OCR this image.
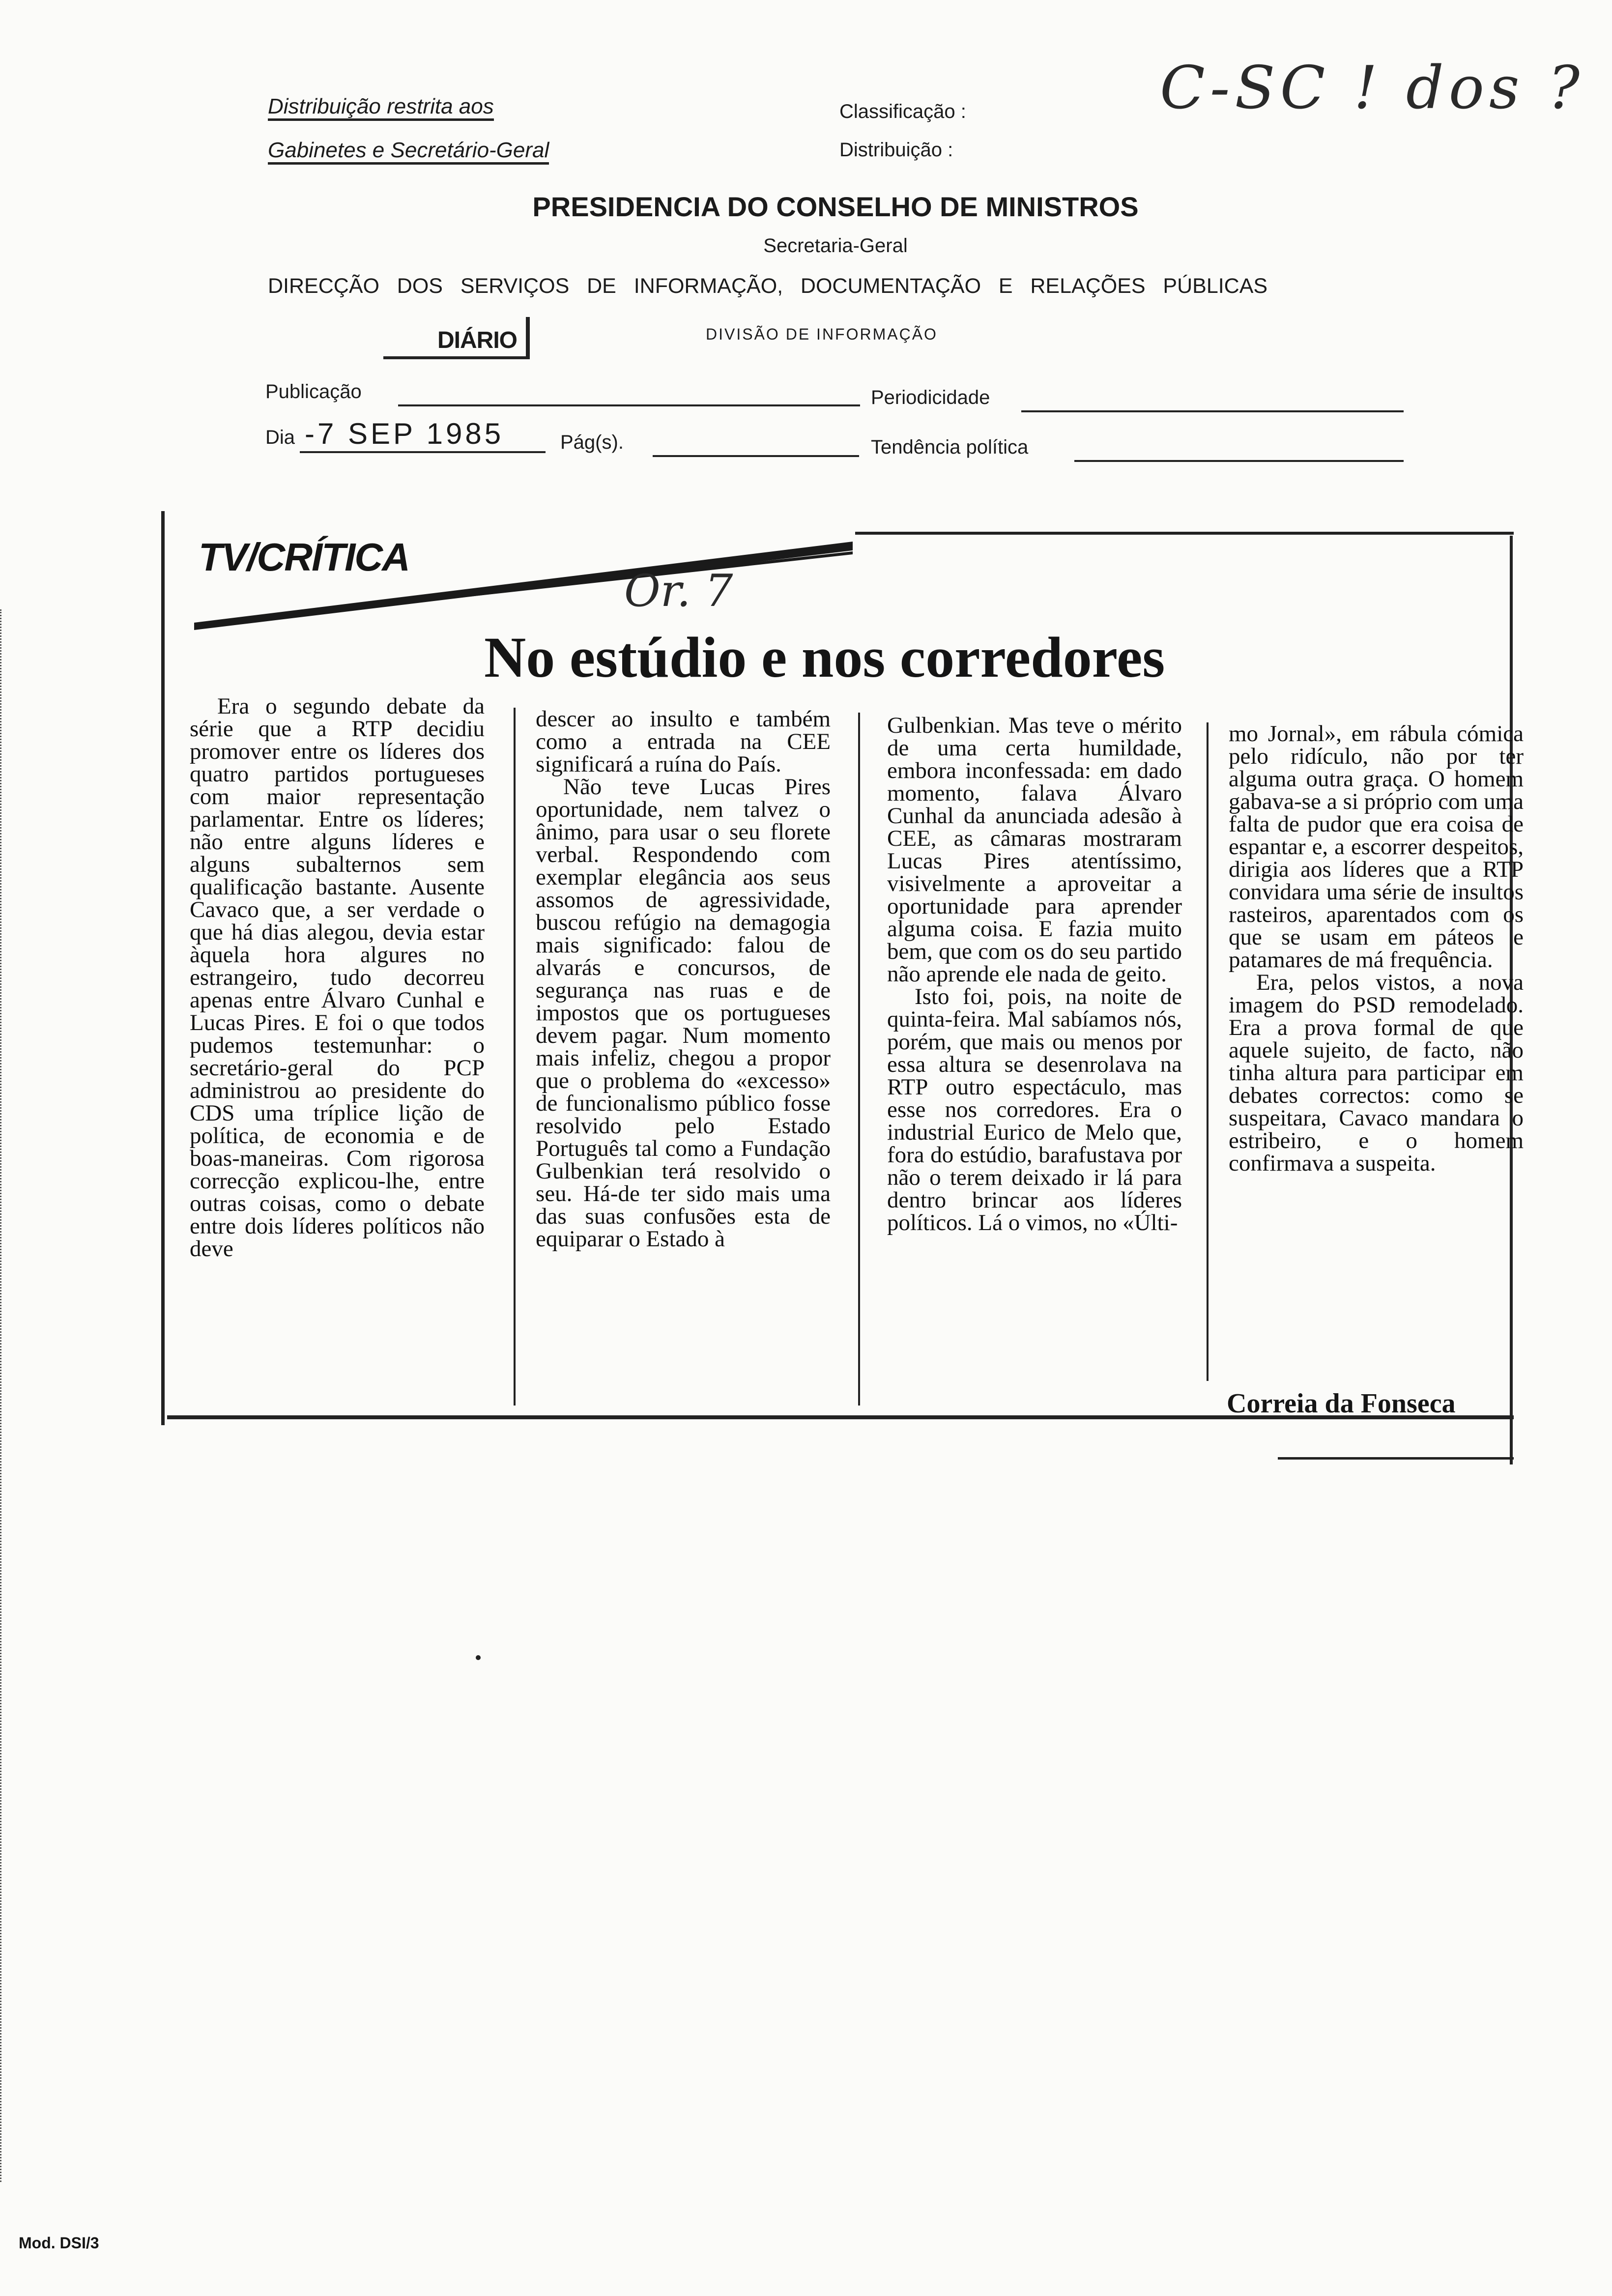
Distribuição restrita aos
Gabinetes e Secretário-Geral
Classificação :
Distribuição :
C-SC ! dos ?
PRESIDENCIA DO CONSELHO DE MINISTROS
Secretaria-Geral
DIRECÇÃO   DOS   SERVIÇOS   DE   INFORMAÇÃO,   DOCUMENTAÇÃO   E   RELAÇÕES   PÚBLICAS
DIÁRIO	DIVISÃO DE INFORMAÇÃO
Publicação	Periodicidade
Dia -7 SEP 1985	Pág(s).	Tendência política
TV/CRÍTICA
Or. 7
No estúdio e nos corredores

Era o segundo debate da série que a RTP decidiu promover entre os líderes dos quatro partidos portugueses com maior representação parlamentar. Entre os líderes; não entre alguns líderes e alguns subalternos sem qualificação bastante. Ausente Cavaco que, a ser verdade o que há dias alegou, devia estar àquela hora algures no estrangeiro, tudo decorreu apenas entre Álvaro Cunhal e Lucas Pires. E foi o que todos pudemos testemunhar: o secretário-geral do PCP administrou ao presidente do CDS uma tríplice lição de política, de economia e de boas-maneiras. Com rigorosa correcção explicou-lhe, entre outras coisas, como o debate entre dois líderes políticos não deve

descer ao insulto e também como a entrada na CEE significará a ruína do País.

Não teve Lucas Pires oportunidade, nem talvez o ânimo, para usar o seu florete verbal. Respondendo com exemplar elegância aos seus assomos de agressividade, buscou refúgio na demagogia mais significado: falou de alvarás e concursos, de segurança nas ruas e de impostos que os portugueses devem pagar. Num momento mais infeliz, chegou a propor que o problema do «excesso» de funcionalismo público fosse resolvido pelo Estado Português tal como a Fundação Gulbenkian terá resolvido o seu. Há-de ter sido mais uma das suas confusões esta de equiparar o Estado à

Gulbenkian. Mas teve o mérito de uma certa humildade, embora inconfessada: em dado momento, falava Álvaro Cunhal da anunciada adesão à CEE, as câmaras mostraram Lucas Pires atentíssimo, visivelmente a aproveitar a oportunidade para aprender alguma coisa. E fazia muito bem, que com os do seu partido não aprende ele nada de geito.

Isto foi, pois, na noite de quinta-feira. Mal sabíamos nós, porém, que mais ou menos por essa altura se desenrolava na RTP outro espectáculo, mas esse nos corredores. Era o industrial Eurico de Melo que, fora do estúdio, barafustava por não o terem deixado ir lá para dentro brincar aos líderes políticos. Lá o vimos, no «Últi-

mo Jornal», em rábula cómica pelo ridículo, não por ter alguma outra graça. O homem gabava-se a si próprio com uma falta de pudor que era coisa de espantar e, a escorrer despeitos, dirigia aos líderes que a RTP convidara uma série de insultos rasteiros, aparentados com os que se usam em páteos e patamares de má frequência.

Era, pelos vistos, a nova imagem do PSD remodelado. Era a prova formal de que aquele sujeito, de facto, não tinha altura para participar em debates correctos: como se suspeitara, Cavaco mandara o estribeiro, e o homem confirmava a suspeita.

Correia da Fonseca
Mod. DSI/3
